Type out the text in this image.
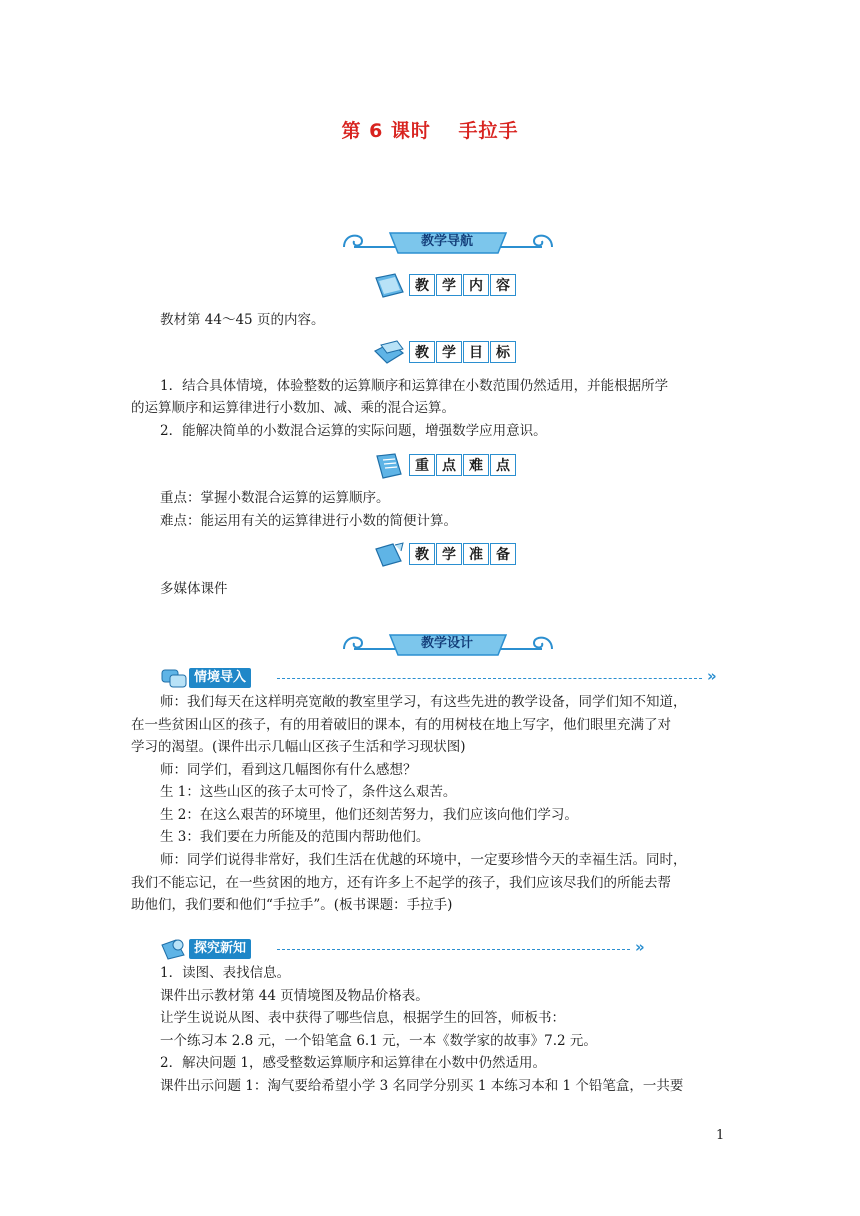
第 6 课时　 手拉手
教学导航
教 学 内 容
教材第 44～45 页的内容。
教 学 目 标
1．结合具体情境，体验整数的运算顺序和运算律在小数范围仍然适用，并能根据所学
的运算顺序和运算律进行小数加、减、乘的混合运算。
2．能解决简单的小数混合运算的实际问题，增强数学应用意识。
重 点 难 点
重点：掌握小数混合运算的运算顺序。
难点：能运用有关的运算律进行小数的简便计算。
教 学 准 备
多媒体课件
教学设计
情境导入	»
师：我们每天在这样明亮宽敞的教室里学习，有这些先进的教学设备，同学们知不知道，
在一些贫困山区的孩子，有的用着破旧的课本，有的用树枝在地上写字，他们眼里充满了对
学习的渴望。(课件出示几幅山区孩子生活和学习现状图)
师：同学们，看到这几幅图你有什么感想？
生 1：这些山区的孩子太可怜了，条件这么艰苦。
生 2：在这么艰苦的环境里，他们还刻苦努力，我们应该向他们学习。
生 3：我们要在力所能及的范围内帮助他们。
师：同学们说得非常好，我们生活在优越的环境中，一定要珍惜今天的幸福生活。同时，
我们不能忘记，在一些贫困的地方，还有许多上不起学的孩子，我们应该尽我们的所能去帮
助他们，我们要和他们“手拉手”。(板书课题：手拉手)
探究新知	»
1．读图、表找信息。
课件出示教材第 44 页情境图及物品价格表。
让学生说说从图、表中获得了哪些信息，根据学生的回答，师板书：
一个练习本 2.8 元，一个铅笔盒 6.1 元，一本《数学家的故事》7.2 元。
2．解决问题 1，感受整数运算顺序和运算律在小数中仍然适用。
课件出示问题 1：淘气要给希望小学 3 名同学分别买 1 本练习本和 1 个铅笔盒，一共要
1
